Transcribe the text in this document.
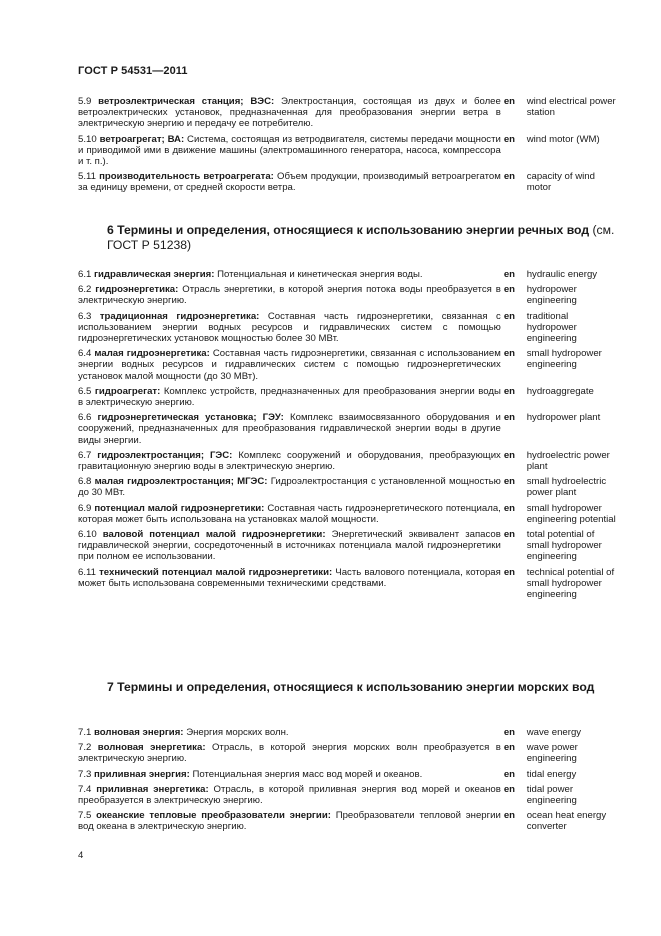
ГОСТ Р 54531—2011
5.9 ветроэлектрическая станция; ВЭС: Электростанция, состоящая из двух и более ветроэлектрических установок, предназначенная для преобразования энергии ветра в электрическую энергию и передачу ее потребителю.
en	wind electrical power station
5.10 ветроагрегат; ВА: Система, состоящая из ветродвигателя, системы передачи мощности и приводимой ими в движение машины (электромашинного генератора, насоса, компрессора и т. п.).
en	wind motor (WM)
5.11 производительность ветроагрегата: Объем продукции, производимый ветроагрегатом за единицу времени, от средней скорости ветра.
en	capacity of wind motor
6 Термины и определения, относящиеся к использованию энергии речных вод (см. ГОСТ Р 51238)
6.1 гидравлическая энергия: Потенциальная и кинетическая энергия воды.	en	hydraulic energy
6.2 гидроэнергетика: Отрасль энергетики, в которой энергия потока воды преобразуется в электрическую энергию.
en	hydropower engineering
6.3 традиционная гидроэнергетика: Составная часть гидроэнергетики, связанная с использованием энергии водных ресурсов и гидравлических систем с помощью гидроэнергетических установок мощностью более 30 МВт.
en	traditional hydropower engineering
6.4 малая гидроэнергетика: Составная часть гидроэнергетики, связанная с использованием энергии водных ресурсов и гидравлических систем с помощью гидроэнергетических установок малой мощности (до 30 МВт).
en	small hydropower engineering
6.5 гидроагрегат: Комплекс устройств, предназначенных для преобразования энергии воды в электрическую энергию.
en	hydroaggregate
6.6 гидроэнергетическая установка; ГЭУ: Комплекс взаимосвязанного оборудования и сооружений, предназначенных для преобразования гидравлической энергии воды в другие виды энергии.
en	hydropower plant
6.7 гидроэлектростанция; ГЭС: Комплекс сооружений и оборудования, преобразующих гравитационную энергию воды в электрическую энергию.
en	hydroelectric power plant
6.8 малая гидроэлектростанция; МГЭС: Гидроэлектростанция с установленной мощностью до 30 МВт.
en	small hydroelectric power plant
6.9 потенциал малой гидроэнергетики: Составная часть гидроэнергетического потенциала, которая может быть использована на установках малой мощности.
en	small hydropower engineering potential
6.10 валовой потенциал малой гидроэнергетики: Энергетический эквивалент запасов гидравлической энергии, сосредоточенный в источниках потенциала малой гидроэнергетики при полном ее использовании.
en	total potential of small hydropower engineering
6.11 технический потенциал малой гидроэнергетики: Часть валового потенциала, которая может быть использована современными техническими средствами.
en	technical potential of small hydropower engineering
7 Термины и определения, относящиеся к использованию энергии морских вод
7.1 волновая энергия: Энергия морских волн.	en	wave energy
7.2 волновая энергетика: Отрасль, в которой энергия морских волн преобразуется в электрическую энергию.
en	wave power engineering
7.3 приливная энергия: Потенциальная энергия масс вод морей и океанов.	en	tidal energy
7.4 приливная энергетика: Отрасль, в которой приливная энергия вод морей и океанов преобразуется в электрическую энергию.
en	tidal power engineering
7.5 океанские тепловые преобразователи энергии: Преобразователи тепловой энергии вод океана в электрическую энергию.
en	ocean heat energy converter
4
